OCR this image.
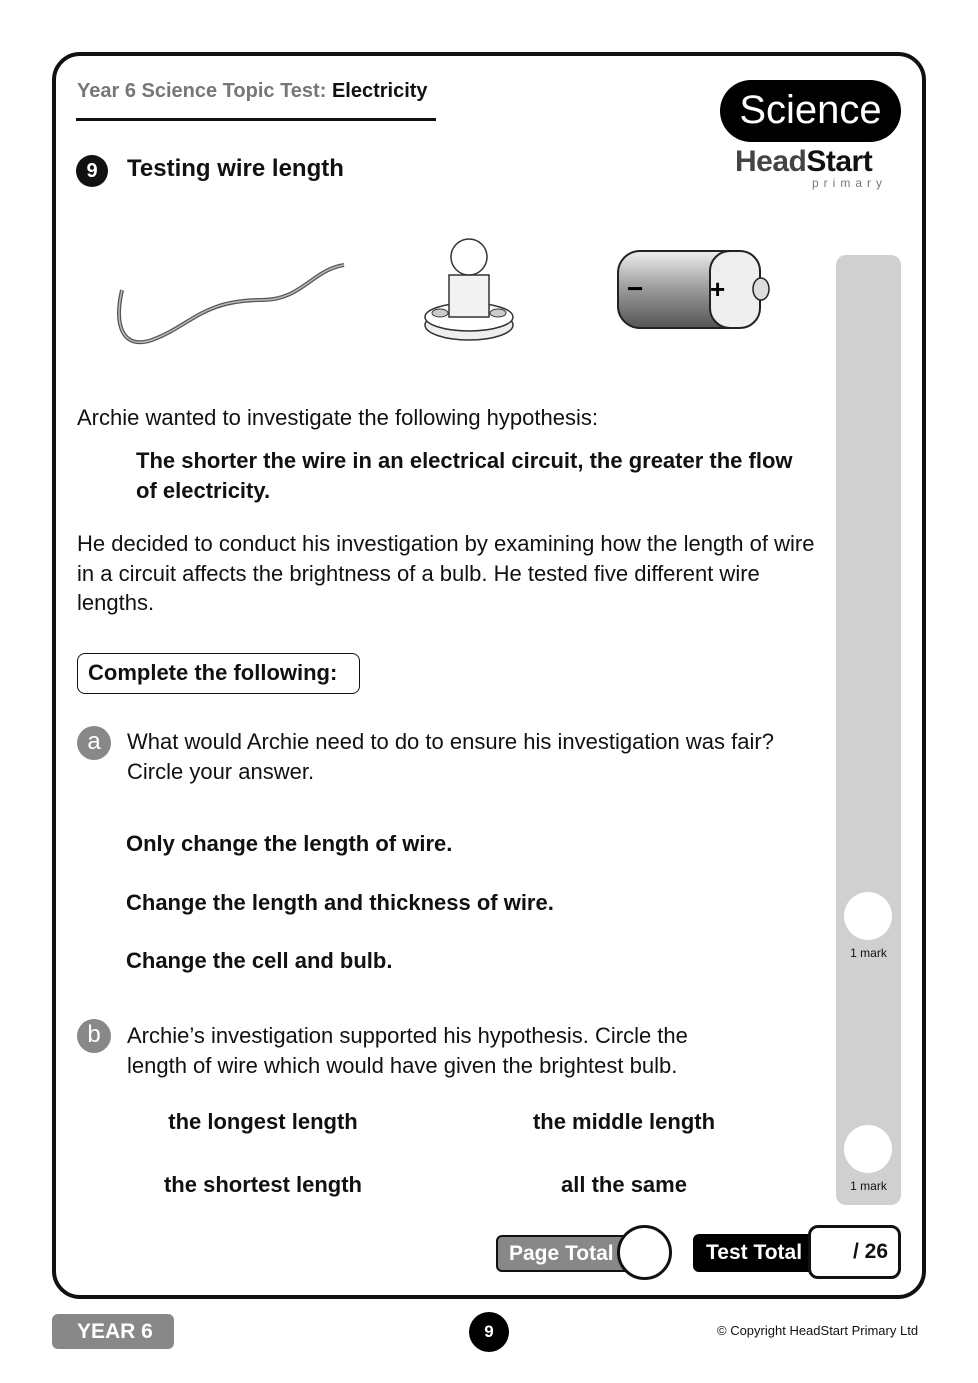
Year 6 Science Topic Test: Electricity	Science
HeadStart
primary
9	Testing wire length
−	+
1 mark
1 mark
Archie wanted to investigate the following hypothesis:
The shorter the wire in an electrical circuit, the greater the flow of electricity.
He decided to conduct his investigation by examining how the length of wire in a circuit affects the brightness of a bulb. He tested five different wire lengths.
Complete the following:
a	What would Archie need to do to ensure his investigation was fair? Circle your answer.
Only change the length of wire.
Change the length and thickness of wire.
Change the cell and bulb.
b	Archie’s investigation supported his hypothesis. Circle the length of wire which would have given the brightest bulb.
the longest length	the middle length
the shortest length	all the same
Page Total	Test Total	/ 26
YEAR 6	9	© Copyright HeadStart Primary Ltd
